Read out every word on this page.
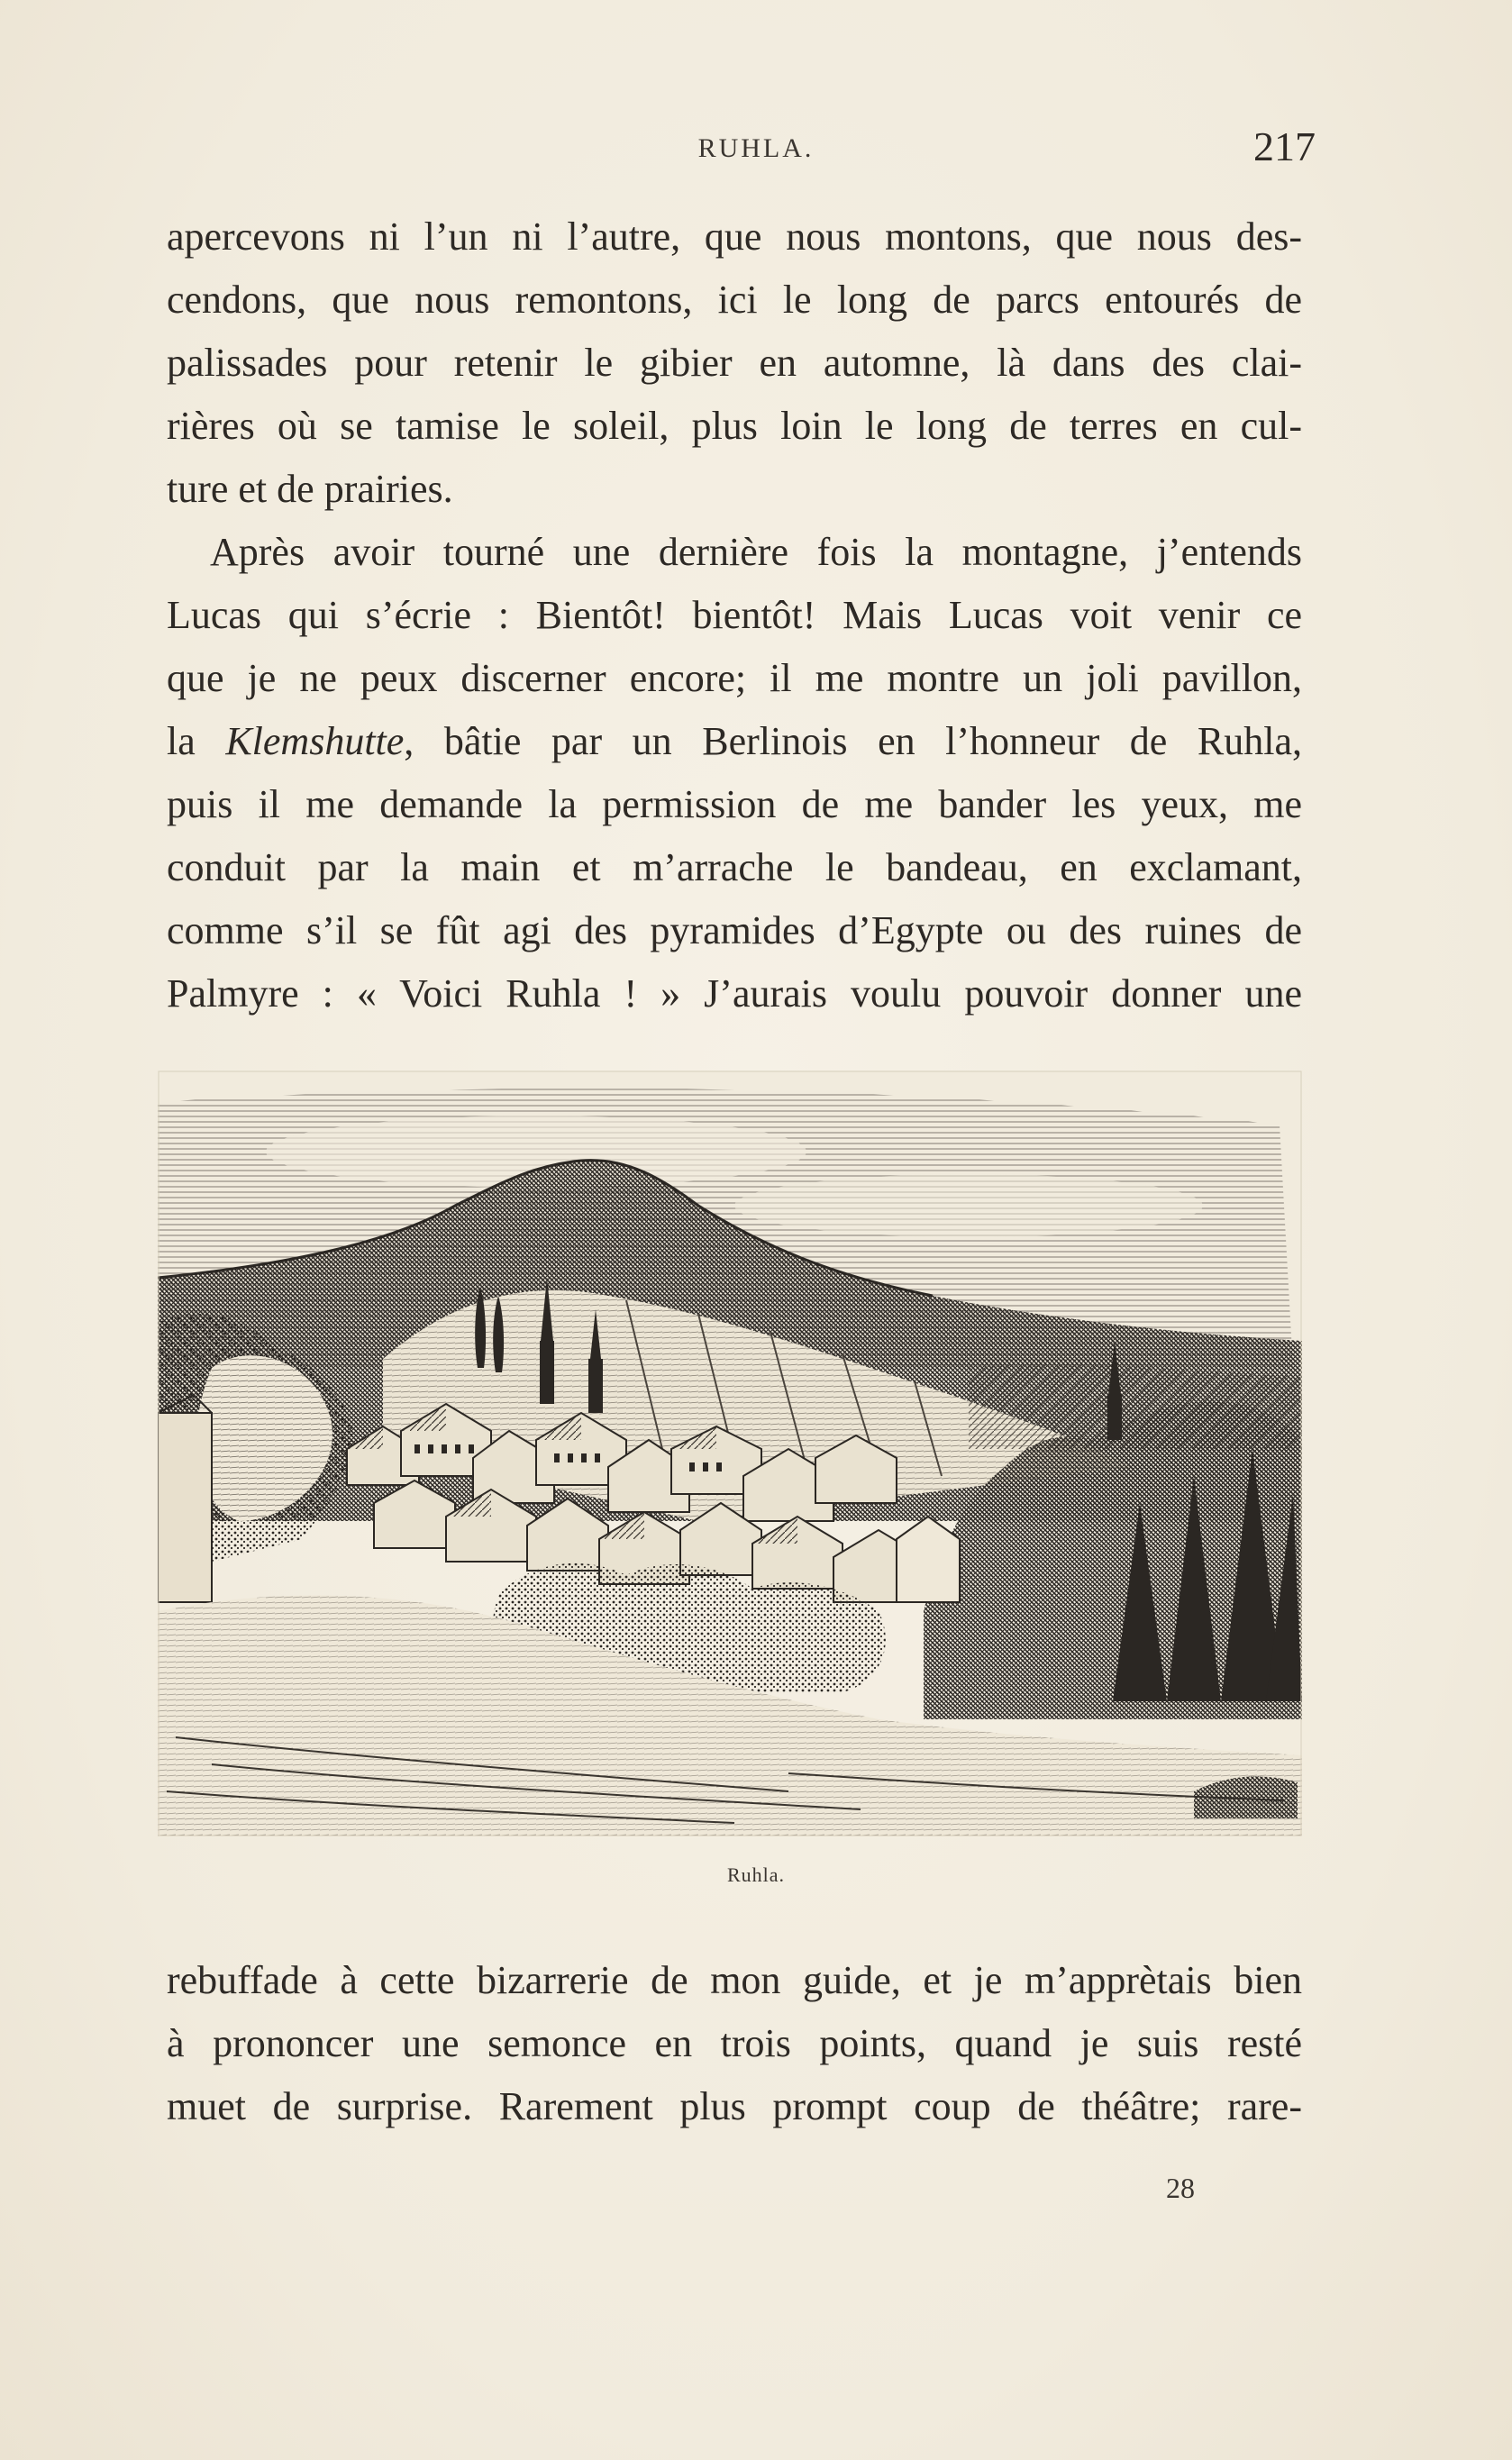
RUHLA.	217
apercevons ni l’un ni l’autre, que nous montons, que nous des-
cendons, que nous remontons, ici le long de parcs entourés de
palissades pour retenir le gibier en automne, là dans des clai-
rières où se tamise le soleil, plus loin le long de terres en cul-
ture et de prairies.
Après avoir tourné une dernière fois la montagne, j’entends
Lucas qui s’écrie : Bientôt! bientôt! Mais Lucas voit venir ce
que je ne peux discerner encore; il me montre un joli pavillon,
la Klemshutte, bâtie par un Berlinois en l’honneur de Ruhla,
puis il me demande la permission de me bander les yeux, me
conduit par la main et m’arrache le bandeau, en exclamant,
comme s’il se fût agi des pyramides d’Egypte ou des ruines de
Palmyre : « Voici Ruhla ! » J’aurais voulu pouvoir donner une
Ruhla.
rebuffade à cette bizarrerie de mon guide, et je m’apprètais bien
à prononcer une semonce en trois points, quand je suis resté
muet de surprise. Rarement plus prompt coup de théâtre; rare-
28
